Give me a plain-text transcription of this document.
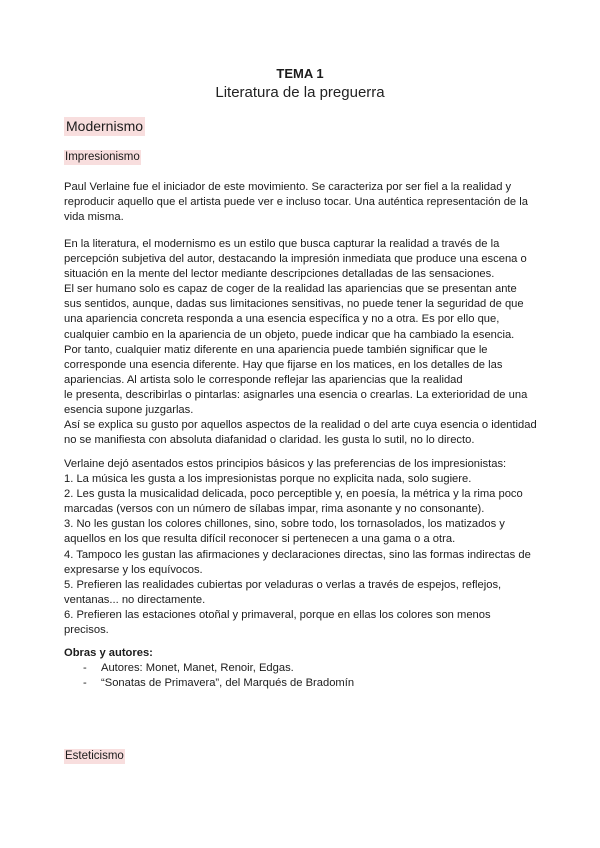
TEMA 1
Literatura de la preguerra
Modernismo
Impresionismo
Paul Verlaine fue el iniciador de este movimiento. Se caracteriza por ser fiel a la realidad y
reproducir aquello que el artista puede ver e incluso tocar. Una auténtica representación de la
vida misma.
En la literatura, el modernismo es un estilo que busca capturar la realidad a través de la
percepción subjetiva del autor, destacando la impresión inmediata que produce una escena o
situación en la mente del lector mediante descripciones detalladas de las sensaciones.
El ser humano solo es capaz de coger de la realidad las apariencias que se presentan ante
sus sentidos, aunque, dadas sus limitaciones sensitivas, no puede tener la seguridad de que
una apariencia concreta responda a una esencia específica y no a otra. Es por ello que,
cualquier cambio en la apariencia de un objeto, puede indicar que ha cambiado la esencia.
Por tanto, cualquier matiz diferente en una apariencia puede también significar que le
corresponde una esencia diferente. Hay que fijarse en los matices, en los detalles de las
apariencias. Al artista solo le corresponde reflejar las apariencias que la realidad
le presenta, describirlas o pintarlas: asignarles una esencia o crearlas. La exterioridad de una
esencia supone juzgarlas.
Así se explica su gusto por aquellos aspectos de la realidad o del arte cuya esencia o identidad
no se manifiesta con absoluta diafanidad o claridad. les gusta lo sutil, no lo directo.
Verlaine dejó asentados estos principios básicos y las preferencias de los impresionistas:
1. La música les gusta a los impresionistas porque no explicita nada, solo sugiere.
2. Les gusta la musicalidad delicada, poco perceptible y, en poesía, la métrica y la rima poco
marcadas (versos con un número de sílabas impar, rima asonante y no consonante).
3. No les gustan los colores chillones, sino, sobre todo, los tornasolados, los matizados y
aquellos en los que resulta difícil reconocer si pertenecen a una gama o a otra.
4. Tampoco les gustan las afirmaciones y declaraciones directas, sino las formas indirectas de
expresarse y los equívocos.
5. Prefieren las realidades cubiertas por veladuras o verlas a través de espejos, reflejos,
ventanas... no directamente.
6. Prefieren las estaciones otoñal y primaveral, porque en ellas los colores son menos
precisos.
Obras y autores:
- Autores: Monet, Manet, Renoir, Edgas.
- “Sonatas de Primavera”, del Marqués de Bradomín
Esteticismo
